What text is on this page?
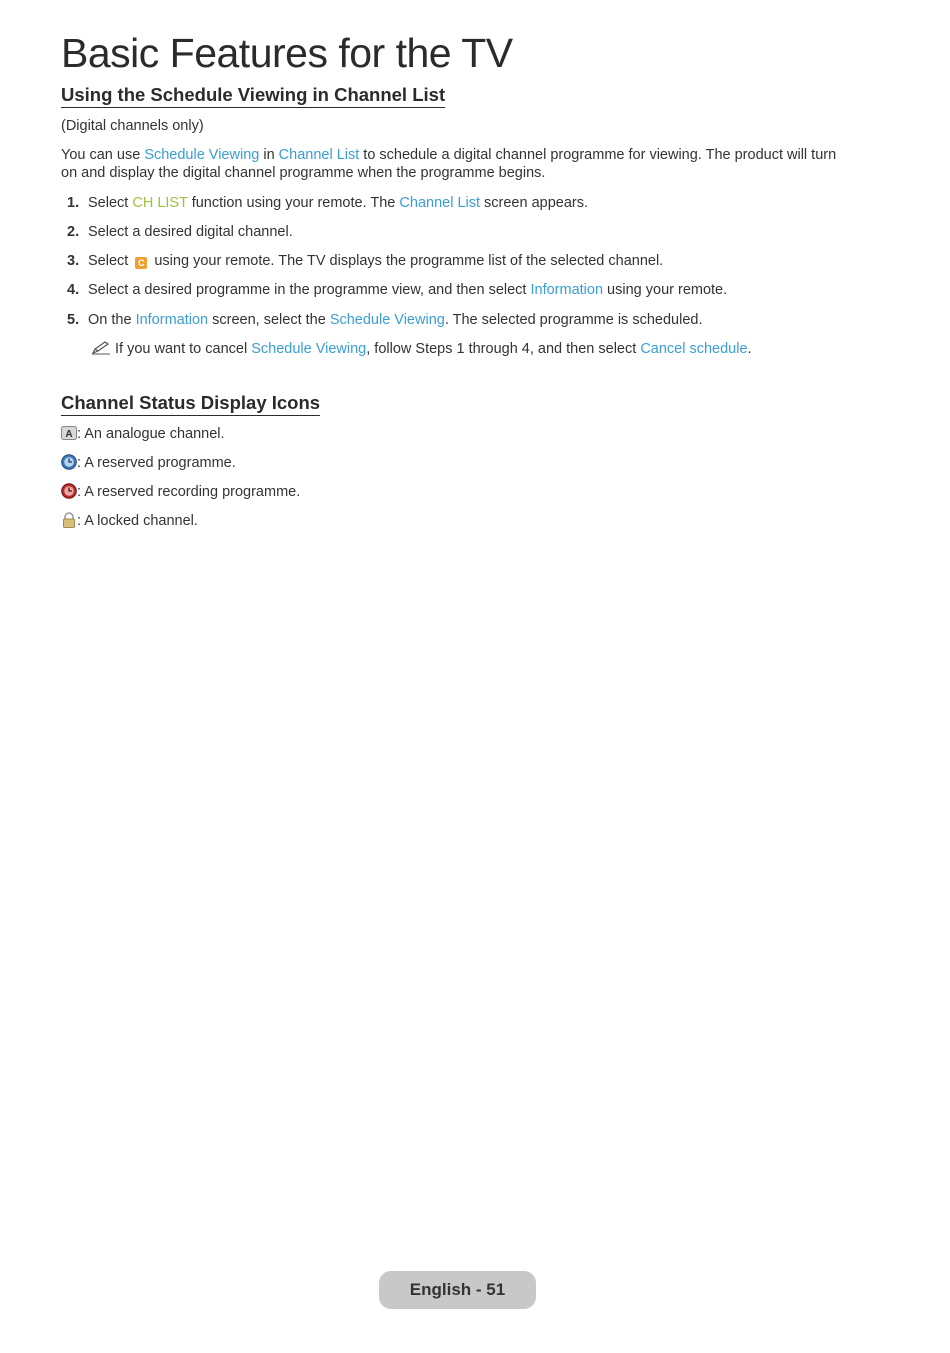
Basic Features for the TV
Using the Schedule Viewing in Channel List

(Digital channels only)

You can use Schedule Viewing in Channel List to schedule a digital channel programme for viewing. The product will turn on and display the digital channel programme when the programme begins.

1. Select CH LIST function using your remote. The Channel List screen appears.
2. Select a desired digital channel.
3. Select C using your remote. The TV displays the programme list of the selected channel.
4. Select a desired programme in the programme view, and then select Information using your remote.
5. On the Information screen, select the Schedule Viewing. The selected programme is scheduled.
If you want to cancel Schedule Viewing, follow Steps 1 through 4, and then select Cancel schedule.
Channel Status Display Icons
A : An analogue channel.
: A reserved programme.
: A reserved recording programme.
: A locked channel.
English - 51
